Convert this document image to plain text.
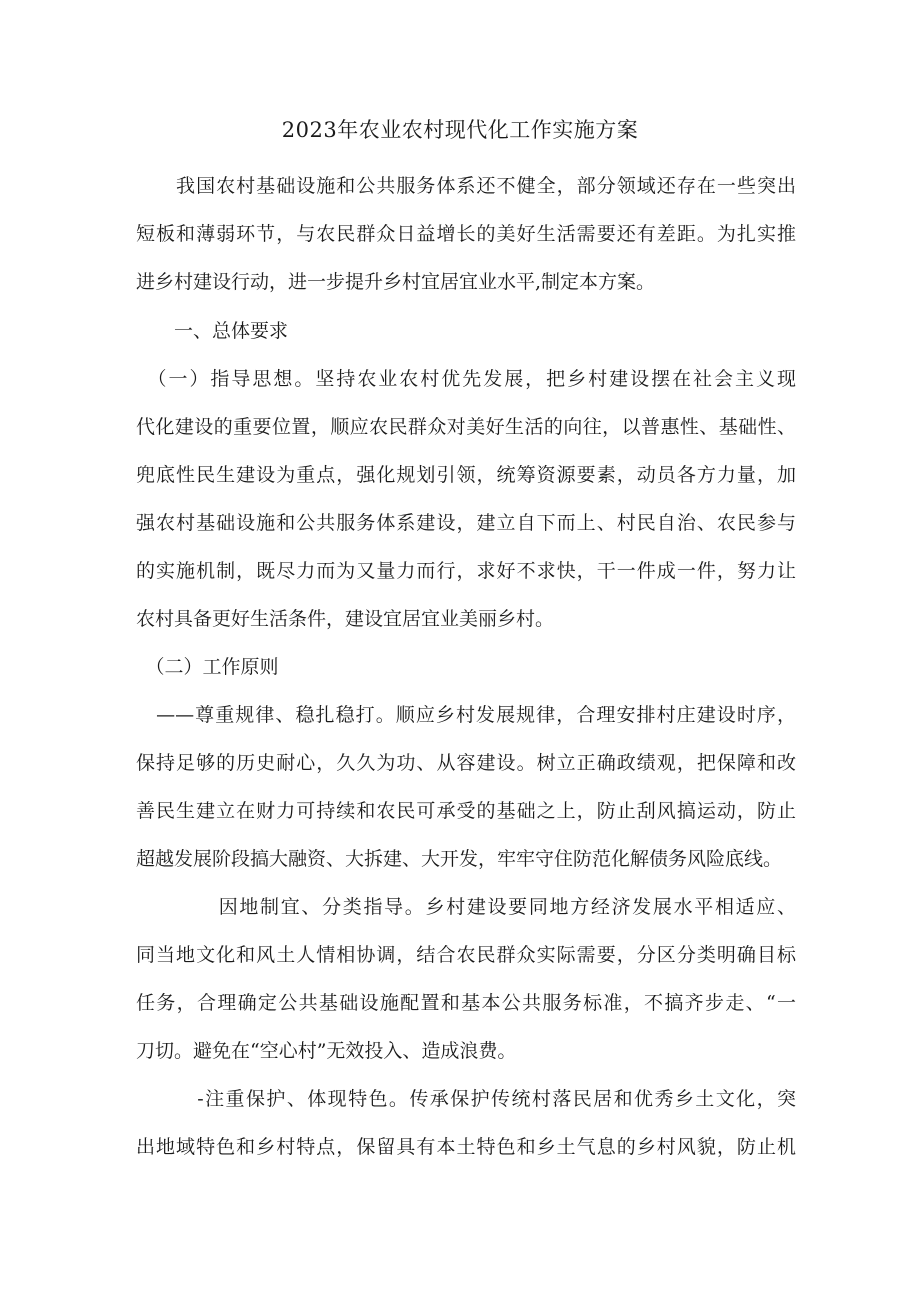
2023年农业农村现代化工作实施方案
　　我国农村基础设施和公共服务体系还不健全，部分领域还存在一些突出
短板和薄弱环节，与农民群众日益增长的美好生活需要还有差距。为扎实推
进乡村建设行动，进一步提升乡村宜居宜业水平,制定本方案。
　　一、总体要求
　（一）指导思想。坚持农业农村优先发展，把乡村建设摆在社会主义现
代化建设的重要位置，顺应农民群众对美好生活的向往，以普惠性、基础性、
兜底性民生建设为重点，强化规划引领，统筹资源要素，动员各方力量，加
强农村基础设施和公共服务体系建设，建立自下而上、村民自治、农民参与
的实施机制，既尽力而为又量力而行，求好不求快，干一件成一件，努力让
农村具备更好生活条件，建设宜居宜业美丽乡村。
　（二）工作原则
　——尊重规律、稳扎稳打。顺应乡村发展规律，合理安排村庄建设时序，
保持足够的历史耐心，久久为功、从容建设。树立正确政绩观，把保障和改
善民生建立在财力可持续和农民可承受的基础之上，防止刮风搞运动，防止
超越发展阶段搞大融资、大拆建、大开发，牢牢守住防范化解债务风险底线。
　　　　因地制宜、分类指导。乡村建设要同地方经济发展水平相适应、
同当地文化和风土人情相协调，结合农民群众实际需要，分区分类明确目标
任务，合理确定公共基础设施配置和基本公共服务标准，不搞齐步走、“一
刀切。避免在“空心村”无效投入、造成浪费。
　　　-注重保护、体现特色。传承保护传统村落民居和优秀乡土文化，突
出地域特色和乡村特点，保留具有本土特色和乡土气息的乡村风貌，防止机
